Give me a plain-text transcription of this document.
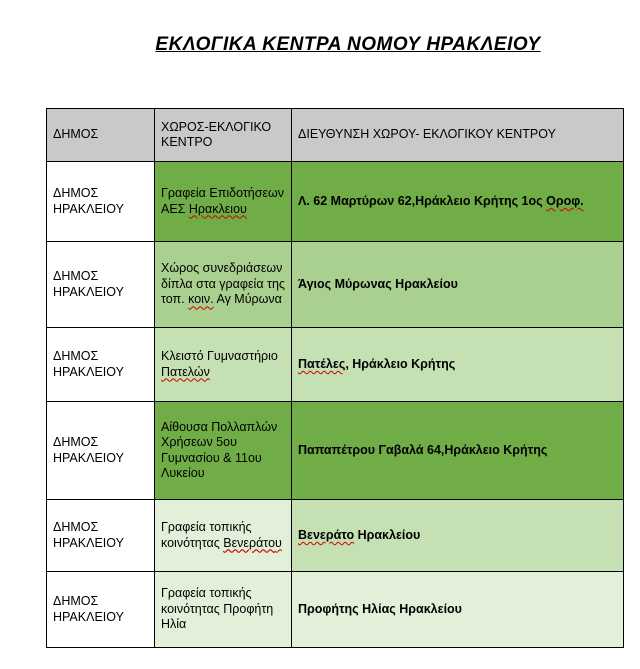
ΕΚΛΟΓΙΚΑ ΚΕΝΤΡΑ ΝΟΜΟΥ ΗΡΑΚΛΕΙΟΥ
ΔΗΜΟΣ	ΧΩΡΟΣ-ΕΚΛΟΓΙΚΟ ΚΕΝΤΡΟ	ΔΙΕΥΘΥΝΣΗ ΧΩΡΟΥ- ΕΚΛΟΓΙΚΟΥ ΚΕΝΤΡΟΥ
ΔΗΜΟΣ ΗΡΑΚΛΕΙΟΥ	Γραφεία Επιδοτήσεων ΑΕΣ Ηρακλειου	Λ. 62 Μαρτύρων 62,Ηράκλειο Κρήτης 1ος Οροφ.
ΔΗΜΟΣ ΗΡΑΚΛΕΙΟΥ	Χώρος συνεδριάσεων δίπλα στα γραφεία της τοπ. κοιν. Αγ Μύρωνα	Άγιος Μύρωνας Ηρακλείου
ΔΗΜΟΣ ΗΡΑΚΛΕΙΟΥ	Κλειστό Γυμναστήριο Πατελών	Πατέλες, Ηράκλειο Κρήτης
ΔΗΜΟΣ ΗΡΑΚΛΕΙΟΥ	Αίθουσα Πολλαπλών Χρήσεων 5ου Γυμνασίου & 11ου Λυκείου	Παπαπέτρου Γαβαλά 64,Ηράκλειο Κρήτης
ΔΗΜΟΣ ΗΡΑΚΛΕΙΟΥ	Γραφεία τοπικής κοινότητας Βενεράτου	Βενεράτο Ηρακλείου
ΔΗΜΟΣ ΗΡΑΚΛΕΙΟΥ	Γραφεία τοπικής κοινότητας Προφήτη Ηλία	Προφήτης Ηλίας Ηρακλείου
